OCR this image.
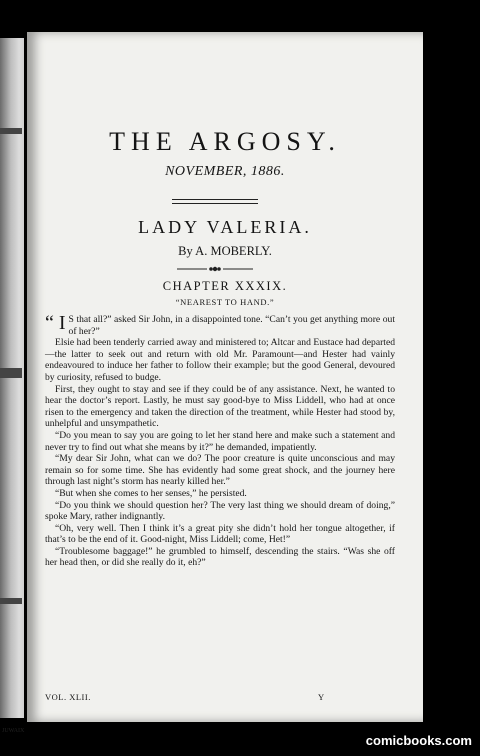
JUWAIX
THE ARGOSY.
NOVEMBER, 1886.
LADY VALERIA.
By A. MOBERLY.
CHAPTER XXXIX.
“NEAREST TO HAND.”

“ I S that all?” asked Sir John, in a disappointed tone. “Can’t you get anything more out of her?”

Elsie had been tenderly carried away and ministered to; Altcar and Eustace had departed—the latter to seek out and return with old Mr. Paramount—and Hester had vainly endeavoured to induce her father to follow their example; but the good General, devoured by curiosity, refused to budge.

First, they ought to stay and see if they could be of any assistance. Next, he wanted to hear the doctor’s report. Lastly, he must say good-bye to Miss Liddell, who had at once risen to the emergency and taken the direction of the treatment, while Hester had stood by, unhelpful and unsympathetic.

“Do you mean to say you are going to let her stand here and make such a statement and never try to find out what she means by it?” he demanded, impatiently.

“My dear Sir John, what can we do? The poor creature is quite unconscious and may remain so for some time. She has evidently had some great shock, and the journey here through last night’s storm has nearly killed her.”

“But when she comes to her senses,” he persisted.

“Do you think we should question her? The very last thing we should dream of doing,” spoke Mary, rather indignantly.

“Oh, very well. Then I think it’s a great pity she didn’t hold her tongue altogether, if that’s to be the end of it. Good-night, Miss Liddell; come, Het!”

“Troublesome baggage!” he grumbled to himself, descending the stairs. “Was she off her head then, or did she really do it, eh?”

VOL. XLII.	Y
comicbooks.com
